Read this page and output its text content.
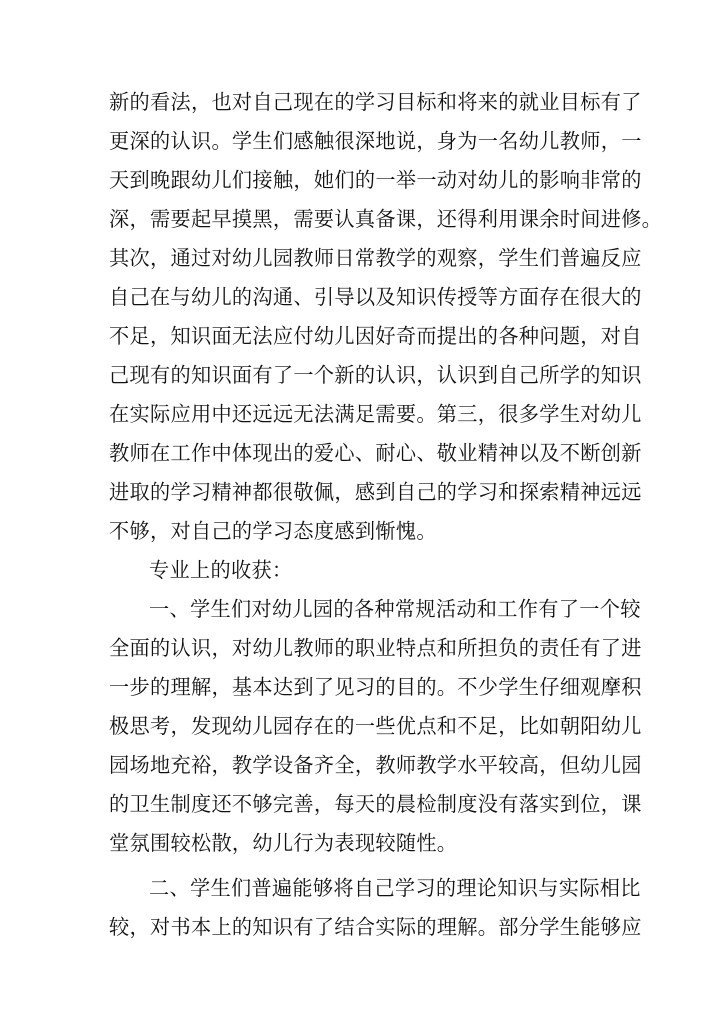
新的看法，也对自己现在的学习目标和将来的就业目标有了
更深的认识。学生们感触很深地说，身为一名幼儿教师，一
天到晚跟幼儿们接触，她们的一举一动对幼儿的影响非常的
深，需要起早摸黑，需要认真备课，还得利用课余时间进修。
其次，通过对幼儿园教师日常教学的观察，学生们普遍反应
自己在与幼儿的沟通、引导以及知识传授等方面存在很大的
不足，知识面无法应付幼儿因好奇而提出的各种问题，对自
己现有的知识面有了一个新的认识，认识到自己所学的知识
在实际应用中还远远无法满足需要。第三，很多学生对幼儿
教师在工作中体现出的爱心、耐心、敬业精神以及不断创新
进取的学习精神都很敬佩，感到自己的学习和探索精神远远
不够，对自己的学习态度感到惭愧。
专业上的收获：
一、学生们对幼儿园的各种常规活动和工作有了一个较
全面的认识，对幼儿教师的职业特点和所担负的责任有了进
一步的理解，基本达到了见习的目的。不少学生仔细观摩积
极思考，发现幼儿园存在的一些优点和不足，比如朝阳幼儿
园场地充裕，教学设备齐全，教师教学水平较高，但幼儿园
的卫生制度还不够完善，每天的晨检制度没有落实到位，课
堂氛围较松散，幼儿行为表现较随性。
二、学生们普遍能够将自己学习的理论知识与实际相比
较，对书本上的知识有了结合实际的理解。部分学生能够应
